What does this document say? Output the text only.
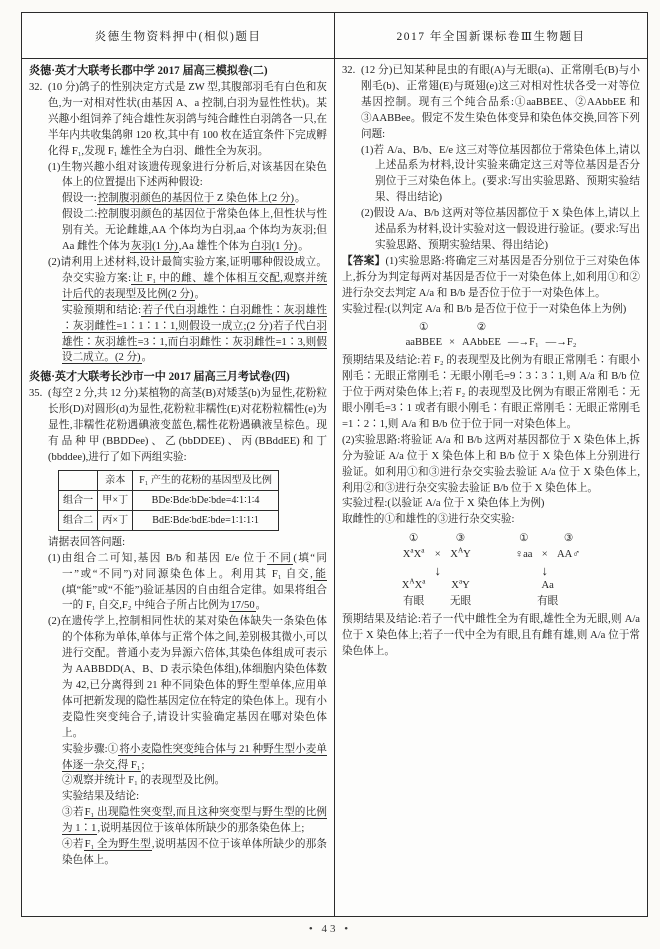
炎德生物资料押中(相似)题目	2017 年全国新课标卷Ⅲ生物题目
炎德·英才大联考长郡中学 2017 届高三模拟卷(二)
32. (10 分)鸽子的性别决定方式是 ZW 型,其腹部羽毛有白色和灰色,为一对相对性状(由基因 A、a 控制,白羽为显性性状)。某兴趣小组饲养了纯合雄性灰羽鸽与纯合雌性白羽鸽各一只,在半年内共收集鸽卵 120 枚,其中有 100 枚在适宜条件下完成孵化得 F₁,发现 F₁ 雄性全为白羽、雌性全为灰羽。
(1)生物兴趣小组对该遗传现象进行分析后,对该基因在染色体上的位置提出下述两种假设:
假设一:控制腹羽颜色的基因位于 Z 染色体上(2 分)。
假设二:控制腹羽颜色的基因位于常染色体上,但性状与性别有关。无论雌雄,AA 个体均为白羽,aa 个体均为灰羽;但 Aa 雌性个体为灰羽(1 分),Aa 雄性个体为白羽(1 分)。
(2)请利用上述材料,设计最简实验方案,证明哪种假设成立。杂交实验方案:让 F₁ 中的雌、雄个体相互交配,观察并统计后代的表现型及比例(2 分)。
实验预期和结论:若子代白羽雄性∶白羽雌性∶灰羽雄性∶灰羽雌性=1∶1∶1∶1,则假设一成立;(2 分)若子代白羽雄性∶灰羽雄性=3∶1,而白羽雌性∶灰羽雌性=1∶3,则假设二成立。(2 分)。
炎德·英才大联考长沙市一中 2017 届高三月考试卷(四)
35. (每空 2 分,共 12 分)某植物的高茎(B)对矮茎(b)为显性,花粉粒长形(D)对圆形(d)为显性,花粉粒非糯性(E)对花粉粒糯性(e)为显性,非糯性花粉遇碘液变蓝色,糯性花粉遇碘液呈棕色。现有品种甲(BBDDee)、乙(bbDDEE)、丙(BBddEE)和丁(bbddee),进行了如下两组实验:
	亲本	F₁ 产生的花粉的基因型及比例
组合一	甲×丁	BDe∶Bde∶bDe∶bde=4∶1∶1∶4
组合二	丙×丁	BdE∶Bde∶bdE∶bde=1∶1∶1∶1
请据表回答问题:
(1)由组合二可知,基因 B/b 和基因 E/e 位于不同(填“同一”或“不同”)对同源染色体上。利用其 F₁ 自交,能(填“能”或“不能”)验证基因的自由组合定律。如果将组合一的 F₁ 自交,F₂ 中纯合子所占比例为17/50。
(2)在遗传学上,控制相同性状的某对染色体缺失一条染色体的个体称为单体,单体与正常个体之间,差别极其微小,可以进行交配。普通小麦为异源六倍体,其染色体组成可表示为 AABBDD(A、B、D 表示染色体组),体细胞内染色体数为 42,已分离得到 21 种不同染色体的野生型单体,应用单体可把新发现的隐性基因定位在特定的染色体上。现有小麦隐性突变纯合子,请设计实验确定基因在哪对染色体上。
实验步骤:①将小麦隐性突变纯合体与 21 种野生型小麦单体逐一杂交,得 F₁;
②观察并统计 F₁ 的表现型及比例。
实验结果及结论:
③若F₁ 出现隐性突变型,而且这种突变型与野生型的比例为 1∶1,说明基因位于该单体所缺少的那条染色体上;
④若F₁ 全为野生型,说明基因不位于该单体所缺少的那条染色体上。
32. (12 分)已知某种昆虫的有眼(A)与无眼(a)、正常刚毛(B)与小刚毛(b)、正常翅(E)与斑翅(e)这三对相对性状各受一对等位基因控制。现有三个纯合品系:①aaBBEE、②AAbbEE 和③AABBee。假定不发生染色体变异和染色体交换,回答下列问题:
(1)若 A/a、B/b、E/e 这三对等位基因都位于常染色体上,请以上述品系为材料,设计实验来确定这三对等位基因是否分别位于三对染色体上。(要求:写出实验思路、预期实验结果、得出结论)
(2)假设 A/a、B/b 这两对等位基因都位于 X 染色体上,请以上述品系为材料,设计实验对这一假设进行验证。(要求:写出实验思路、预期实验结果、得出结论)
【答案】(1)实验思路:将确定三对基因是否分别位于三对染色体上,拆分为判定每两对基因是否位于一对染色体上,如利用①和②进行杂交去判定 A/a 和 B/b 是否位于位于一对染色体上。
实验过程:(以判定 A/a 和 B/b 是否位于位于一对染色体上为例)
①	②
aaBBEE × AAbbEE —→F₁ —→F₂
预期结果及结论:若 F₂ 的表现型及比例为有眼正常刚毛∶有眼小刚毛∶无眼正常刚毛∶无眼小刚毛=9∶3∶3∶1,则 A/a 和 B/b 位于位于两对染色体上;若 F₂ 的表现型及比例为有眼正常刚毛∶无眼小刚毛=3∶1 或者有眼小刚毛∶有眼正常刚毛∶无眼正常刚毛=1∶2∶1,则 A/a 和 B/b 位于位于同一对染色体上。
(2)实验思路:将验证 A/a 和 B/b 这两对基因都位于 X 染色体上,拆分为验证 A/a 位于 X 染色体上和 B/b 位于 X 染色体上分别进行验证。如利用①和③进行杂交实验去验证 A/a 位于 X 染色体上,利用②和③进行杂交实验去验证 B/b 位于 X 染色体上。
实验过程:(以验证 A/a 位于 X 染色体上为例)
取雌性的①和雄性的③进行杂交实验:
①	③
$X^aX^a \times X^AY$
↓
$X^AX^a$ $X^aY$
有眼 无眼
①	③
♀aa × AA♂
↓
Aa
有眼
预期结果及结论:若子一代中雌性全为有眼,雄性全为无眼,则 A/a 位于 X 染色体上;若子一代中全为有眼,且有雌有雄,则 A/a 位于常染色体上。
• 43 •
